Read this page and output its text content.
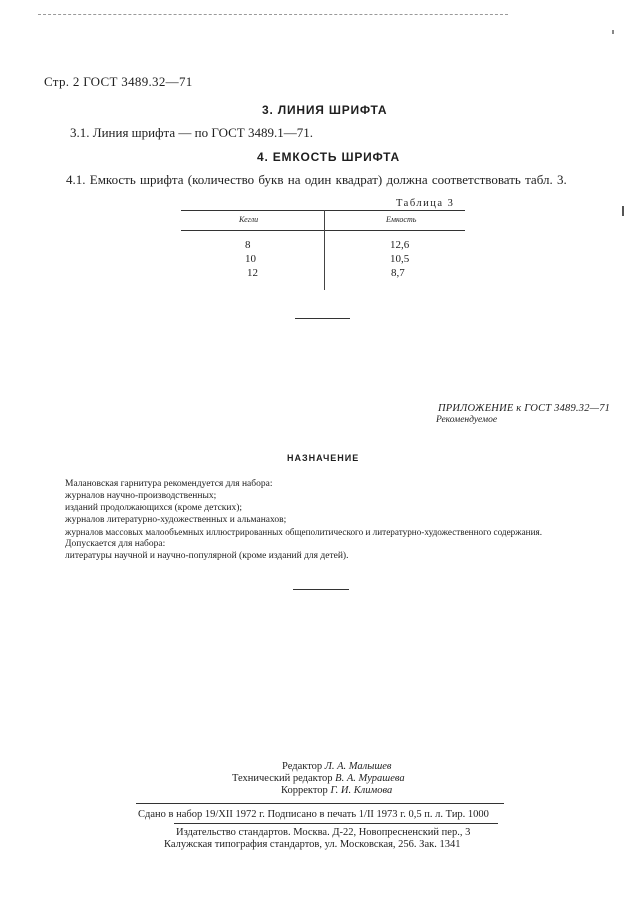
Стр. 2 ГОСТ 3489.32—71
3. ЛИНИЯ ШРИФТА
3.1. Линия шрифта — по ГОСТ 3489.1—71.
4. ЕМКОСТЬ ШРИФТА
4.1. Емкость шрифта (количество букв на один квадрат) должна соответствовать табл. 3.
Таблица 3
Кегли	Емкость
8	12,6
10	10,5
12	8,7
ПРИЛОЖЕНИЕ к ГОСТ 3489.32—71
Рекомендуемое
НАЗНАЧЕНИЕ
Малановская гарнитура рекомендуется для набора:
журналов научно-производственных;
изданий продолжающихся (кроме детских);
журналов литературно-художественных и альманахов;
журналов массовых малообъемных иллюстрированных общеполитического и литературно-художественного содержания.
Допускается для набора:
литературы научной и научно-популярной (кроме изданий для детей).
Редактор Л. А. Малышев
Технический редактор В. А. Мурашева
Корректор Г. И. Климова
Сдано в набор 19/XII 1972 г. Подписано в печать 1/II 1973 г. 0,5 п. л. Тир. 1000
Издательство стандартов. Москва. Д-22, Новопресненский пер., 3
Калужская типография стандартов, ул. Московская, 256. Зак. 1341
